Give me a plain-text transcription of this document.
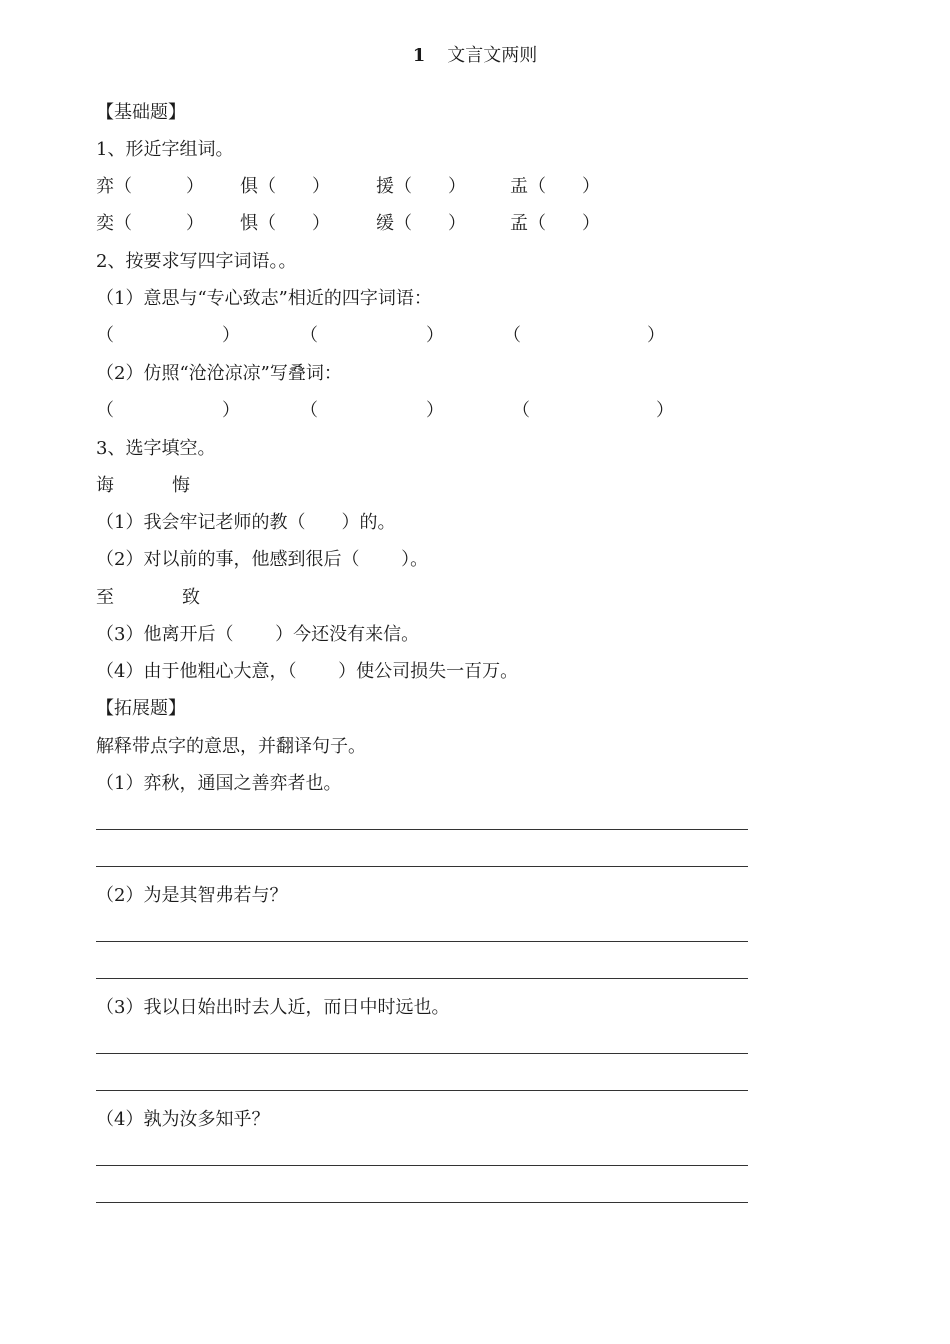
1 文言文两则
【基础题】
1、形近字组词。
弈（　　　） 俱（　　）	援（　　） 盂（　　）
奕（　　　） 惧（　　）	缓（　　） 孟（　　）
2、按要求写四字词语。。
（1）意思与“专心致志”相近的四字词语：
（　　　　　　）	（　　　　　　）	（　　　　　　　）
（2）仿照“沧沧凉凉”写叠词：
（　　　　　　）	（　　　　　　）	（　　　　　　　）
3、选字填空。
诲	悔
（1）我会牢记老师的教（　　）的。
（2）对以前的事，他感到很后（　　 ）。
至	致
（3）他离开后（　　 ）今还没有来信。
（4）由于他粗心大意，（　　 ）使公司损失一百万。
【拓展题】
解释带点字的意思，并翻译句子。
（1）弈秋，通国之善弈者也。
（2）为是其智弗若与？
（3）我以日始出时去人近，而日中时远也。
（4）孰为汝多知乎？
